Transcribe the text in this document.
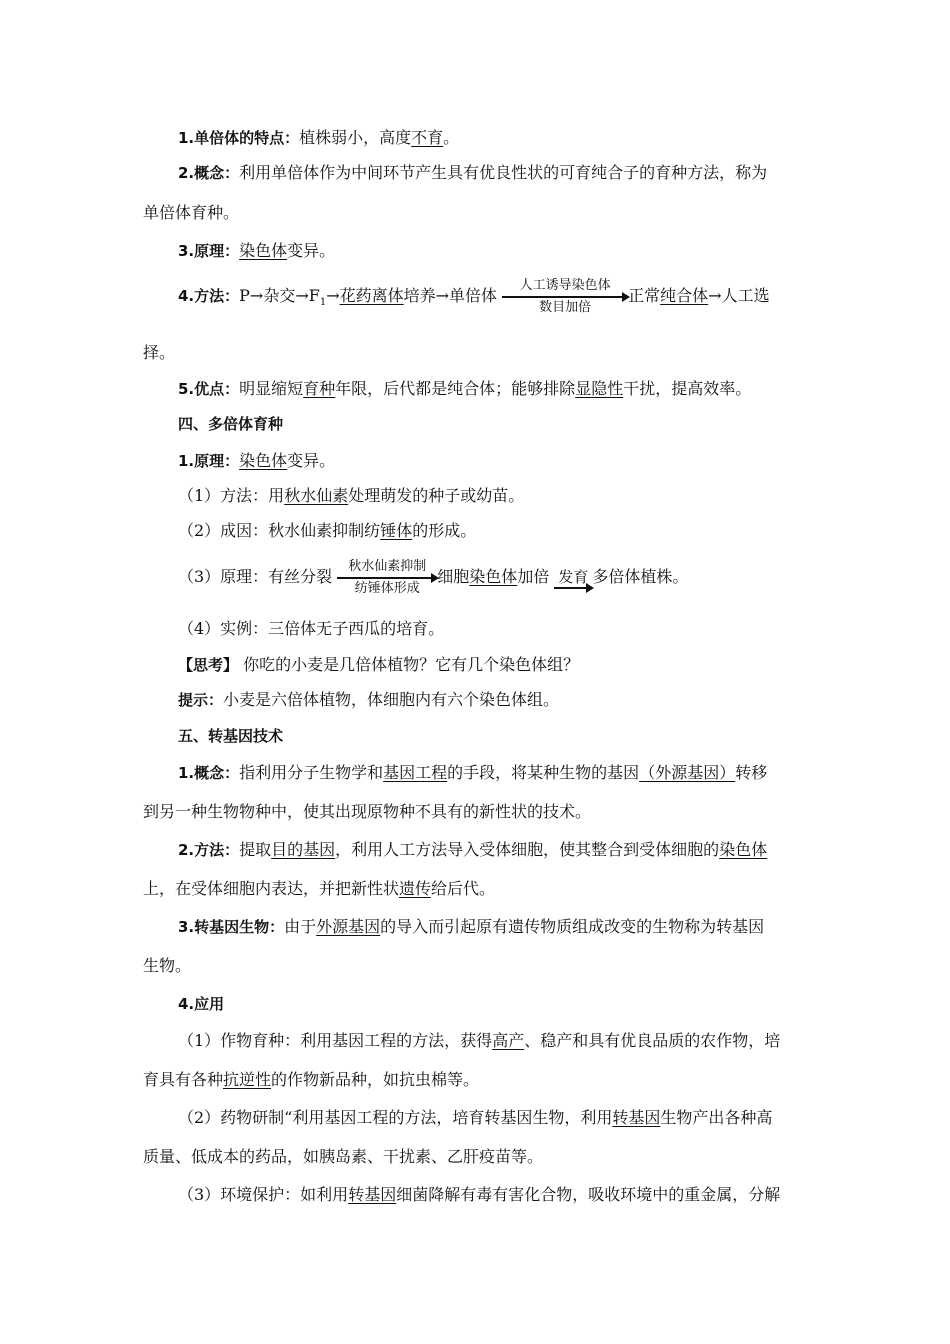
1.单倍体的特点：植株弱小，高度不育。
2.概念：利用单倍体作为中间环节产生具有优良性状的可育纯合子的育种方法，称为
单倍体育种。
3.原理：染色体变异。
4.方法：P→杂交$\to F_1\to$花药离体培养→单倍体
人工诱导染色体
数目加倍
正常纯合体→人工选
择。
5.优点：明显缩短育种年限，后代都是纯合体；能够排除显隐性干扰，提高效率。
四、多倍体育种
1.原理：染色体变异。
（1）方法：用秋水仙素处理萌发的种子或幼苗。
（2）成因：秋水仙素抑制纺锤体的形成。
（3）原理：有丝分裂
秋水仙素抑制
纺锤体形成
细胞染色体加倍 发育 多倍体植株。
（4）实例：三倍体无子西瓜的培育。
【思考】 你吃的小麦是几倍体植物？它有几个染色体组？
提示：小麦是六倍体植物，体细胞内有六个染色体组。
五、转基因技术
1.概念：指利用分子生物学和基因工程的手段，将某种生物的基因（外源基因）转移
到另一种生物物种中，使其出现原物种不具有的新性状的技术。
2.方法：提取目的基因，利用人工方法导入受体细胞，使其整合到受体细胞的染色体
上，在受体细胞内表达，并把新性状遗传给后代。
3.转基因生物：由于外源基因的导入而引起原有遗传物质组成改变的生物称为转基因
生物。
4.应用
（1）作物育种：利用基因工程的方法，获得高产、稳产和具有优良品质的农作物，培
育具有各种抗逆性的作物新品种，如抗虫棉等。
（2）药物研制“利用基因工程的方法，培育转基因生物，利用转基因生物产出各种高
质量、低成本的药品，如胰岛素、干扰素、乙肝疫苗等。
（3）环境保护：如利用转基因细菌降解有毒有害化合物，吸收环境中的重金属，分解
